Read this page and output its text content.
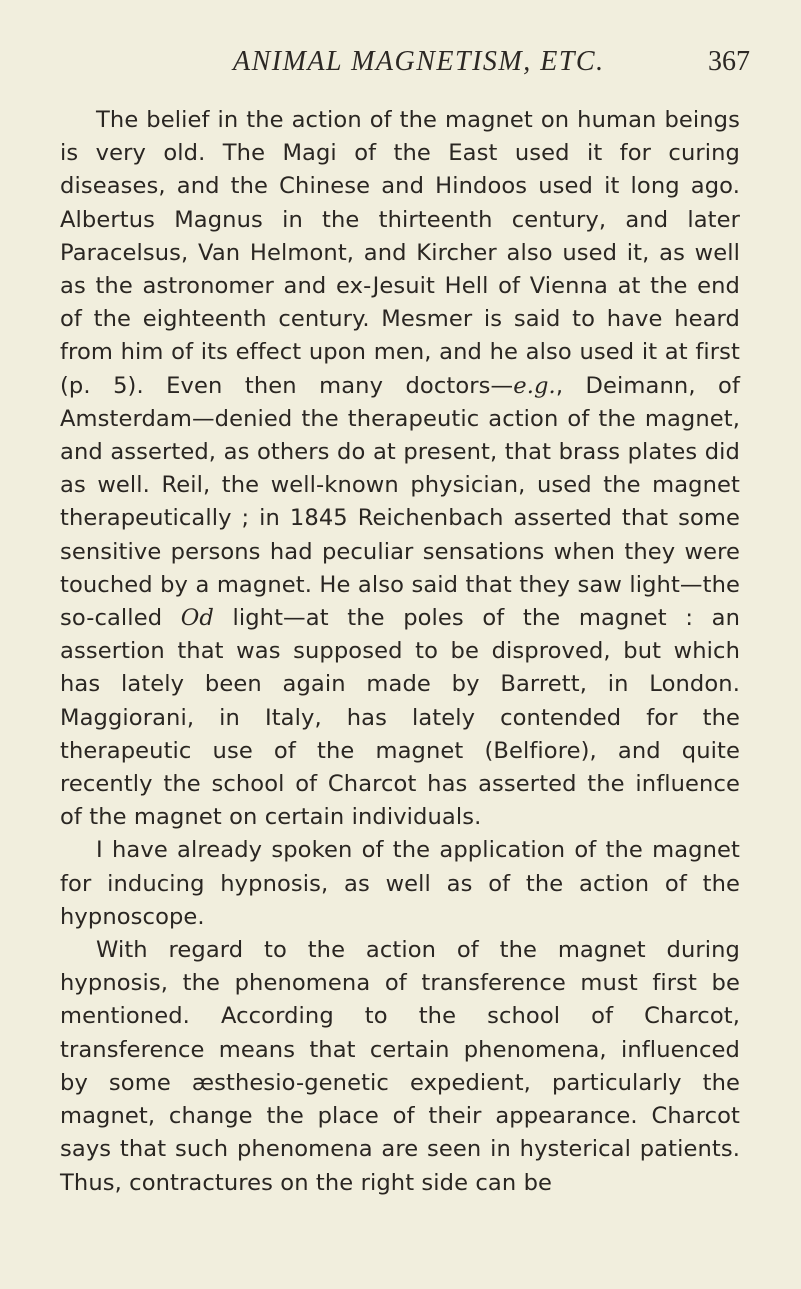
ANIMAL MAGNETISM, ETC.	367

The belief in the action of the magnet on human beings is very old. The Magi of the East used it for curing diseases, and the Chinese and Hindoos used it long ago. Albertus Magnus in the thirteenth century, and later Paracelsus, Van Helmont, and Kircher also used it, as well as the astronomer and ex-Jesuit Hell of Vienna at the end of the eighteenth century. Mesmer is said to have heard from him of its effect upon men, and he also used it at first (p. 5). Even then many doctors—e.g., Deimann, of Amsterdam—denied the therapeutic action of the magnet, and asserted, as others do at present, that brass plates did as well. Reil, the well-known physician, used the magnet therapeutically ; in 1845 Reichenbach asserted that some sensitive persons had peculiar sensations when they were touched by a magnet. He also said that they saw light—the so-called Od light—at the poles of the magnet : an assertion that was supposed to be disproved, but which has lately been again made by Barrett, in London. Maggiorani, in Italy, has lately contended for the therapeutic use of the magnet (Belfiore), and quite recently the school of Charcot has asserted the influence of the magnet on certain individuals.

I have already spoken of the application of the magnet for inducing hypnosis, as well as of the action of the hypnoscope.

With regard to the action of the magnet during hypnosis, the phenomena of transference must first be mentioned. According to the school of Charcot, transference means that certain phenomena, influenced by some æsthesio-genetic expedient, particularly the magnet, change the place of their appearance. Charcot says that such phenomena are seen in hysterical patients. Thus, contractures on the right side can be
